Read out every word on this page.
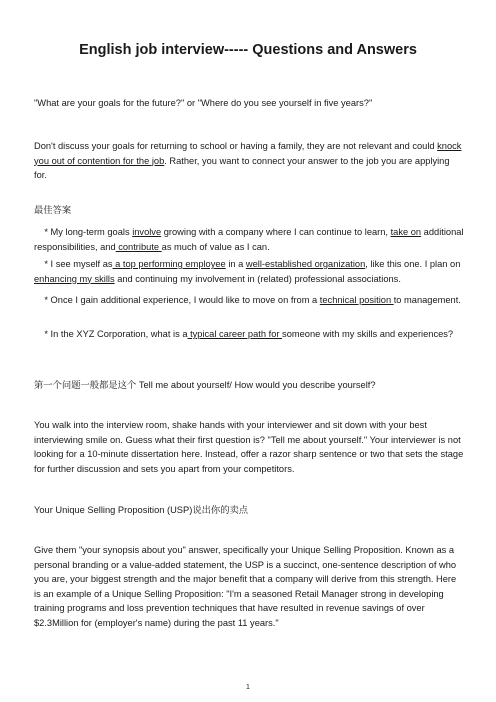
English job interview----- Questions and Answers

"What are your goals for the future?" or "Where do you see yourself in five years?"

Don't discuss your goals for returning to school or having a family, they are not relevant and could knock you out of contention for the job. Rather, you want to connect your answer to the job you are applying for.

最佳答案

* My long-term goals involve growing with a company where I can continue to learn, take on additional responsibilities, and contribute as much of value as I can.

* I see myself as a top performing employee in a well-established organization, like this one. I plan on enhancing my skills and continuing my involvement in (related) professional associations.

* Once I gain additional experience, I would like to move on from a technical position to management.

* In the XYZ Corporation, what is a typical career path for someone with my skills and experiences?

第一个问题一般都是这个 Tell me about yourself/ How would you describe yourself?

You walk into the interview room, shake hands with your interviewer and sit down with your best interviewing smile on. Guess what their first question is? "Tell me about yourself." Your interviewer is not looking for a 10-minute dissertation here. Instead, offer a razor sharp sentence or two that sets the stage for further discussion and sets you apart from your competitors.

Your Unique Selling Proposition (USP)说出你的卖点

Give them "your synopsis about you" answer, specifically your Unique Selling Proposition. Known as a personal branding or a value-added statement, the USP is a succinct, one-sentence description of who you are, your biggest strength and the major benefit that a company will derive from this strength. Here is an example of a Unique Selling Proposition: "I'm a seasoned Retail Manager strong in developing training programs and loss prevention techniques that have resulted in revenue savings of over $2.3Million for (employer's name) during the past 11 years."

1
